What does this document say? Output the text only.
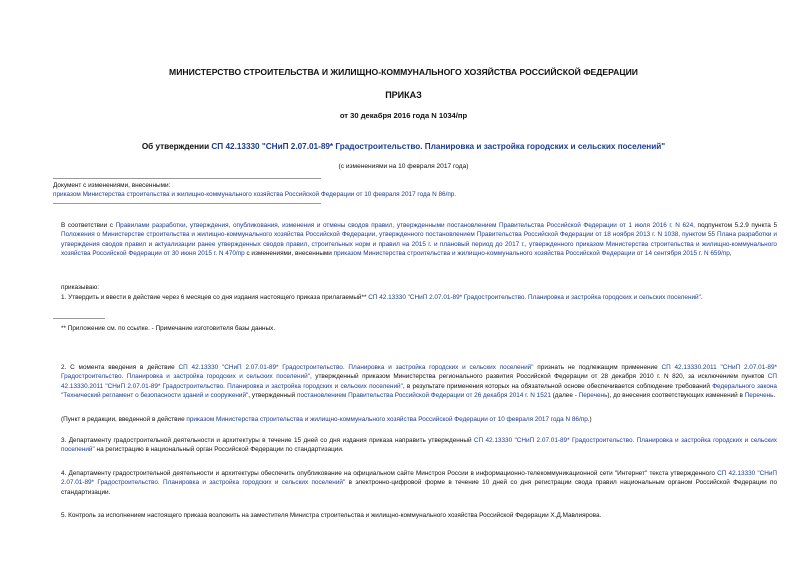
МИНИСТЕРСТВО СТРОИТЕЛЬСТВА И ЖИЛИЩНО-КОММУНАЛЬНОГО ХОЗЯЙСТВА РОССИЙСКОЙ ФЕДЕРАЦИИ
ПРИКАЗ
от 30 декабря 2016 года N 1034/пр
Об утверждении СП 42.13330 "СНиП 2.07.01-89* Градостроительство. Планировка и застройка городских и сельских поселений"
(с изменениями на 10 февраля 2017 года)
Документ с изменениями, внесенными:
приказом Министерства строительства и жилищно-коммунального хозяйства Российской Федерации от 10 февраля 2017 года N 86/пр.
В соответствии с Правилами разработки, утверждения, опубликования, изменения и отмены сводов правил, утвержденными постановлением Правительства Российской Федерации от 1 июля 2016 г. N 624, подпунктом 5.2.9 пункта 5 Положения о Министерстве строительства и жилищно-коммунального хозяйства Российской Федерации, утвержденного постановлением Правительства Российской Федерации от 18 ноября 2013 г. N 1038, пунктом 55 Плана разработки и утверждения сводов правил и актуализации ранее утвержденных сводов правил, строительных норм и правил на 2015 г. и плановый период до 2017 г., утвержденного приказом Министерства строительства и жилищно-коммунального хозяйства Российской Федерации от 30 июня 2015 г. N 470/пр с изменениями, внесенными приказом Министерства строительства и жилищно-коммунального хозяйства Российской Федерации от 14 сентября 2015 г. N 659/пр,
приказываю:
1. Утвердить и ввести в действие через 6 месяцев со дня издания настоящего приказа прилагаемый** СП 42.13330 "СНиП 2.07.01-89* Градостроительство. Планировка и застройка городских и сельских поселений".
** Приложение см. по ссылке. - Примечание изготовителя базы данных.
2. С момента введения в действие СП 42.13330 "СНиП 2.07.01-89* Градостроительство. Планировка и застройка городских и сельских поселений" признать не подлежащим применение СП 42.13330.2011 "СНиП 2.07.01-89* Градостроительство. Планировка и застройка городских и сельских поселений", утвержденный приказом Министерства регионального развития Российской Федерации от 28 декабря 2010 г. N 820, за исключением пунктов СП 42.13330.2011 "СНиП 2.07.01-89* Градостроительство. Планировка и застройка городских и сельских поселений", в результате применения которых на обязательной основе обеспечивается соблюдение требований Федерального закона "Технический регламент о безопасности зданий и сооружений", утвержденный постановлением Правительства Российской Федерации от 26 декабря 2014 г. N 1521 (далее - Перечень), до внесения соответствующих изменений в Перечень.
(Пункт в редакции, введенной в действие приказом Министерства строительства и жилищно-коммунального хозяйства Российской Федерации от 10 февраля 2017 года N 86/пр.)
3. Департаменту градостроительной деятельности и архитектуры в течение 15 дней со дня издания приказа направить утвержденный СП 42.13330 "СНиП 2.07.01-89* Градостроительство. Планировка и застройка городских и сельских поселений" на регистрацию в национальный орган Российской Федерации по стандартизации.
4. Департаменту градостроительной деятельности и архитектуры обеспечить опубликование на официальном сайте Минстроя России в информационно-телекоммуникационной сети "Интернет" текста утвержденного СП 42.13330 "СНиП 2.07.01-89* Градостроительство. Планировка и застройка городских и сельских поселений" в электронно-цифровой форме в течение 10 дней со дня регистрации свода правил национальным органом Российской Федерации по стандартизации.
5. Контроль за исполнением настоящего приказа возложить на заместителя Министра строительства и жилищно-коммунального хозяйства Российской Федерации Х.Д.Мавлиярова.
